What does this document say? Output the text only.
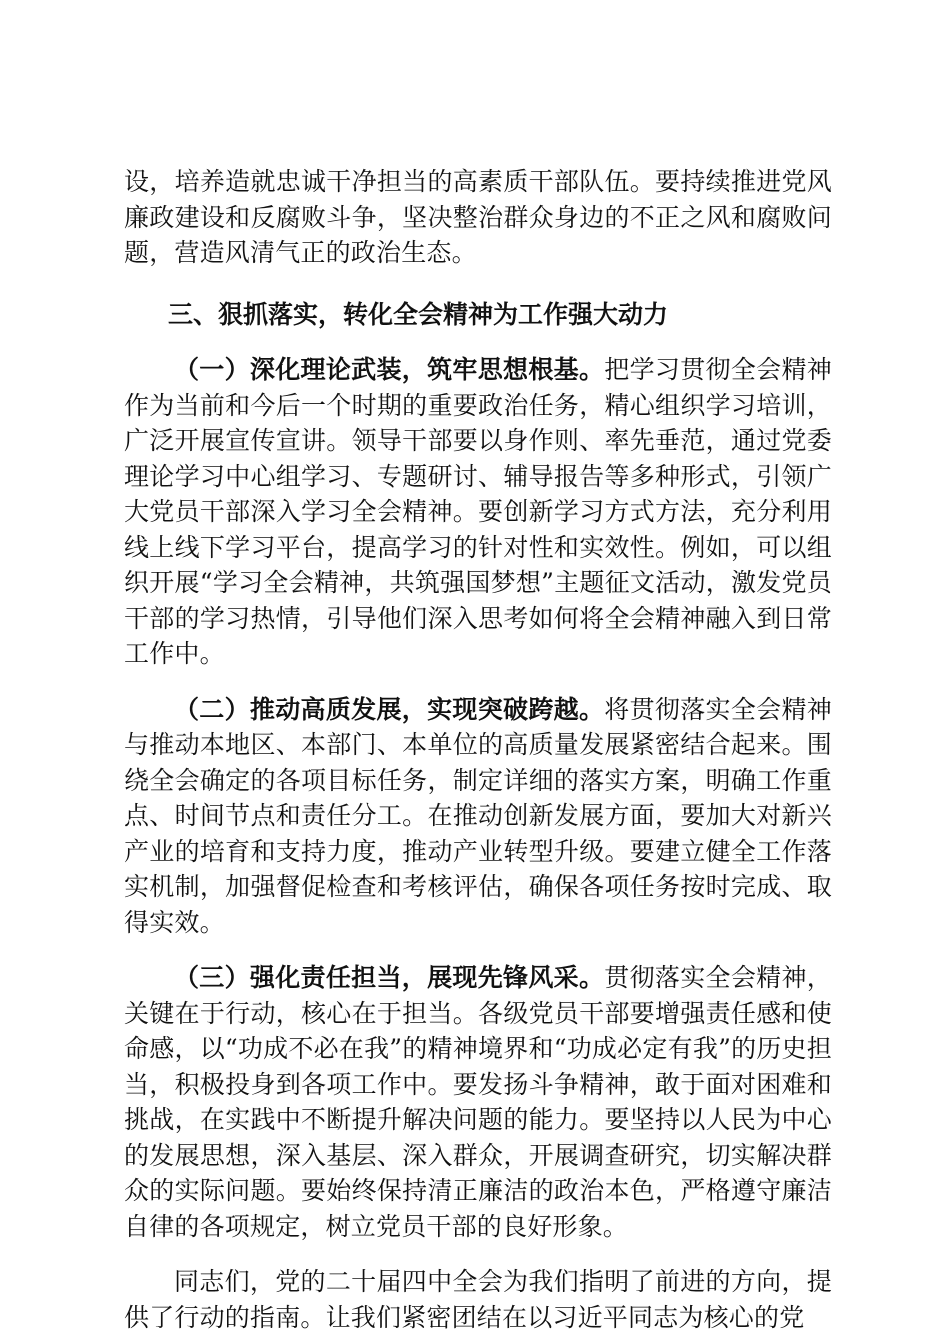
设，培养造就忠诚干净担当的高素质干部队伍。要持续推进党风廉政建设和反腐败斗争，坚决整治群众身边的不正之风和腐败问题，营造风清气正的政治生态。

三、狠抓落实，转化全会精神为工作强大动力

（一）深化理论武装，筑牢思想根基。把学习贯彻全会精神作为当前和今后一个时期的重要政治任务，精心组织学习培训，广泛开展宣传宣讲。领导干部要以身作则、率先垂范，通过党委理论学习中心组学习、专题研讨、辅导报告等多种形式，引领广大党员干部深入学习全会精神。要创新学习方式方法，充分利用线上线下学习平台，提高学习的针对性和实效性。例如，可以组织开展“学习全会精神，共筑强国梦想”主题征文活动，激发党员干部的学习热情，引导他们深入思考如何将全会精神融入到日常工作中。

（二）推动高质发展，实现突破跨越。将贯彻落实全会精神与推动本地区、本部门、本单位的高质量发展紧密结合起来。围绕全会确定的各项目标任务，制定详细的落实方案，明确工作重点、时间节点和责任分工。在推动创新发展方面，要加大对新兴产业的培育和支持力度，推动产业转型升级。要建立健全工作落实机制，加强督促检查和考核评估，确保各项任务按时完成、取得实效。

（三）强化责任担当，展现先锋风采。贯彻落实全会精神，关键在于行动，核心在于担当。各级党员干部要增强责任感和使命感，以“功成不必在我”的精神境界和“功成必定有我”的历史担当，积极投身到各项工作中。要发扬斗争精神，敢于面对困难和挑战，在实践中不断提升解决问题的能力。要坚持以人民为中心的发展思想，深入基层、深入群众，开展调查研究，切实解决群众的实际问题。要始终保持清正廉洁的政治本色，严格遵守廉洁自律的各项规定，树立党员干部的良好形象。

同志们，党的二十届四中全会为我们指明了前进的方向，提供了行动的指南。让我们紧密团结在以习近平同志为核心的党
